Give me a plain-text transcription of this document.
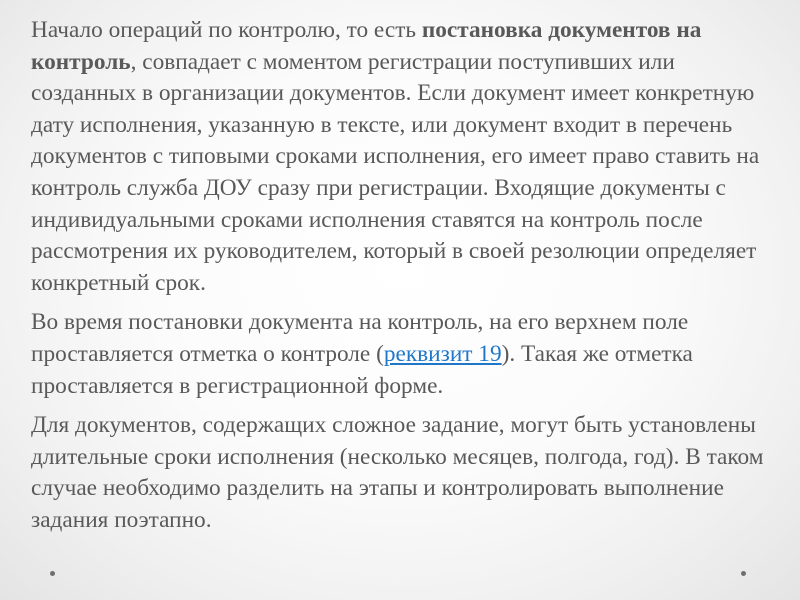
Начало операций по контролю, то есть постановка документов на контроль, совпадает с моментом регистрации поступивших или созданных в организации документов. Если документ имеет конкретную дату исполнения, указанную в тексте, или документ входит в перечень документов с типовыми сроками исполнения, его имеет право ставить на контроль служба ДОУ сразу при регистрации. Входящие документы с индивидуальными сроками исполнения ставятся на контроль после рассмотрения их руководителем, который в своей резолюции определяет конкретный срок.

Во время постановки документа на контроль, на его верхнем поле проставляется отметка о контроле (реквизит 19). Такая же отметка проставляется в регистрационной форме.

Для документов, содержащих сложное задание, могут быть установлены длительные сроки исполнения (несколько месяцев, полгода, год). В таком случае необходимо разделить на этапы и контролировать выполнение задания поэтапно.
